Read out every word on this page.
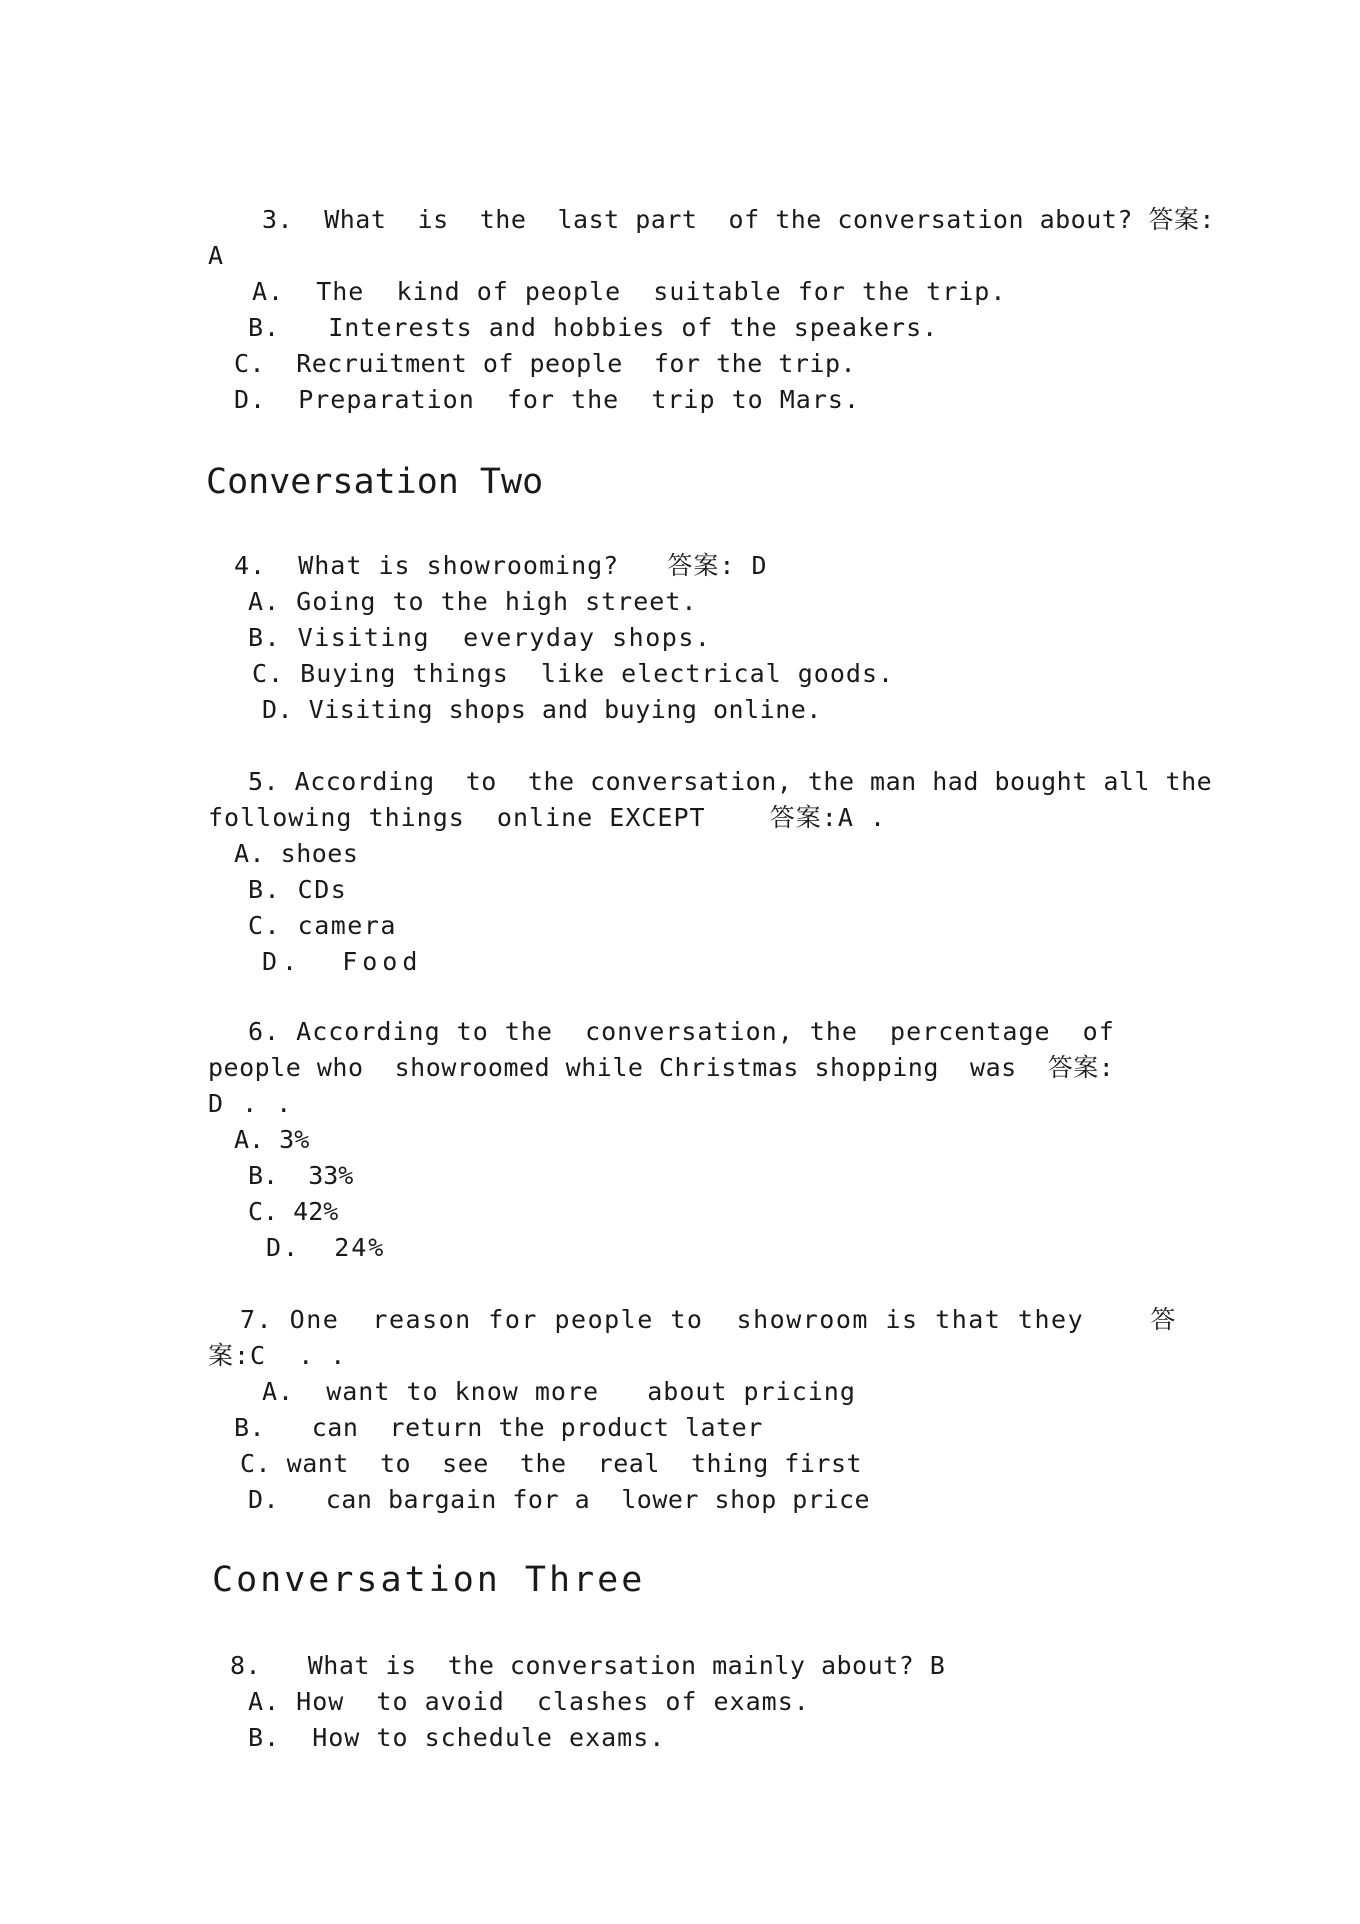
3.  What  is  the  last part  of the conversation about? 答案:
A
A.  The  kind of people  suitable for the trip.
B.   Interests and hobbies of the speakers.
C.  Recruitment of people  for the trip.
D.  Preparation  for the  trip to Mars.
Conversation Two
4.  What is showrooming?   答案: D
A. Going to the high street.
B. Visiting  everyday shops.
C. Buying things  like electrical goods.
D. Visiting shops and buying online.
5. According  to  the conversation, the man had bought all the
following things  online EXCEPT    答案:A .
A. shoes
B. CDs
C. camera
D.  Food
6. According to the  conversation, the  percentage  of
people who  showroomed while Christmas shopping  was  答案:
D . .
A. 3%
B.  33%
C. 42%
D.  24%
7. One  reason for people to  showroom is that they    答
案:C  . .
A.  want to know more   about pricing
B.   can  return the product later
C. want  to  see  the  real  thing first
D.   can bargain for a  lower shop price
Conversation Three
8.   What is  the conversation mainly about? B
A. How  to avoid  clashes of exams.
B.  How to schedule exams.
